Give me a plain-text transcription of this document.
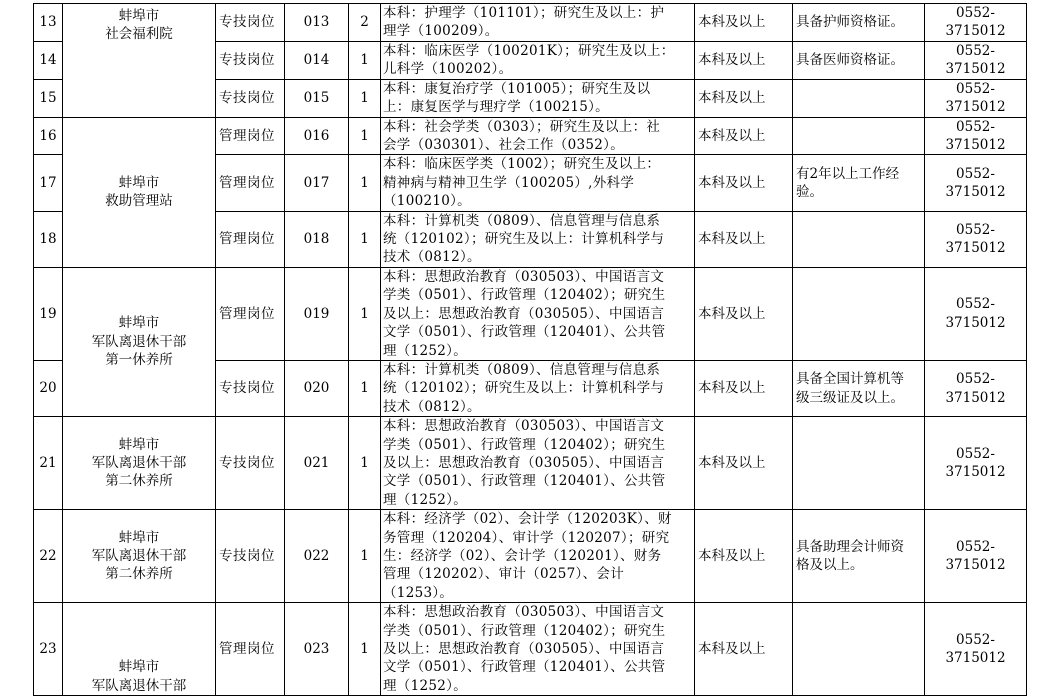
13	蚌埠市
社会福利院	专技岗位	013	2	本科：护理学（101101）；研究生及以上：护
理学（100209）。	本科及以上	具备护师资格证。	0552-3715012
14		专技岗位	014	1	本科：临床医学（100201K）；研究生及以上：
儿科学（100202）。	本科及以上	具备医师资格证。	0552-3715012
15		专技岗位	015	1	本科：康复治疗学（101005）；研究生及以
上：康复医学与理疗学（100215）。	本科及以上		0552-3715012
16	蚌埠市
救助管理站	管理岗位	016	1	本科：社会学类（0303）；研究生及以上：社
会学（030301）、社会工作（0352）。	本科及以上		0552-3715012
17		管理岗位	017	1	本科：临床医学类（1002）；研究生及以上：
精神病与精神卫生学（100205）,外科学
（100210）。	本科及以上	有2年以上工作经
验。	0552-3715012
18		管理岗位	018	1	本科：计算机类（0809）、信息管理与信息系
统（120102）；研究生及以上：计算机科学与
技术（0812）。	本科及以上		0552-3715012
19	蚌埠市
军队离退休干部
第一休养所	管理岗位	019	1	本科：思想政治教育（030503）、中国语言文
学类（0501）、行政管理（120402）；研究生
及以上：思想政治教育（030505）、中国语言
文学（0501）、行政管理（120401）、公共管
理（1252）。	本科及以上		0552-3715012
20		专技岗位	020	1	本科：计算机类（0809）、信息管理与信息系
统（120102）；研究生及以上：计算机科学与
技术（0812）。	本科及以上	具备全国计算机等
级三级证及以上。	0552-3715012
21	蚌埠市
军队离退休干部
第二休养所	专技岗位	021	1	本科：思想政治教育（030503）、中国语言文
学类（0501）、行政管理（120402）；研究生
及以上：思想政治教育（030505）、中国语言
文学（0501）、行政管理（120401）、公共管
理（1252）。	本科及以上		0552-3715012
22	蚌埠市
军队离退休干部
第二休养所	专技岗位	022	1	本科：经济学（02）、会计学（120203K）、财
务管理（120204）、审计学（120207）；研究
生：经济学（02）、会计学（120201）、财务
管理（120202）、审计（0257）、会计
（1253）。	本科及以上	具备助理会计师资
格及以上。	0552-3715012
23	蚌埠市
军队离退休干部	管理岗位	023	1	本科：思想政治教育（030503）、中国语言文
学类（0501）、行政管理（120402）；研究生
及以上：思想政治教育（030505）、中国语言
文学（0501）、行政管理（120401）、公共管
理（1252）。	本科及以上		0552-3715012
